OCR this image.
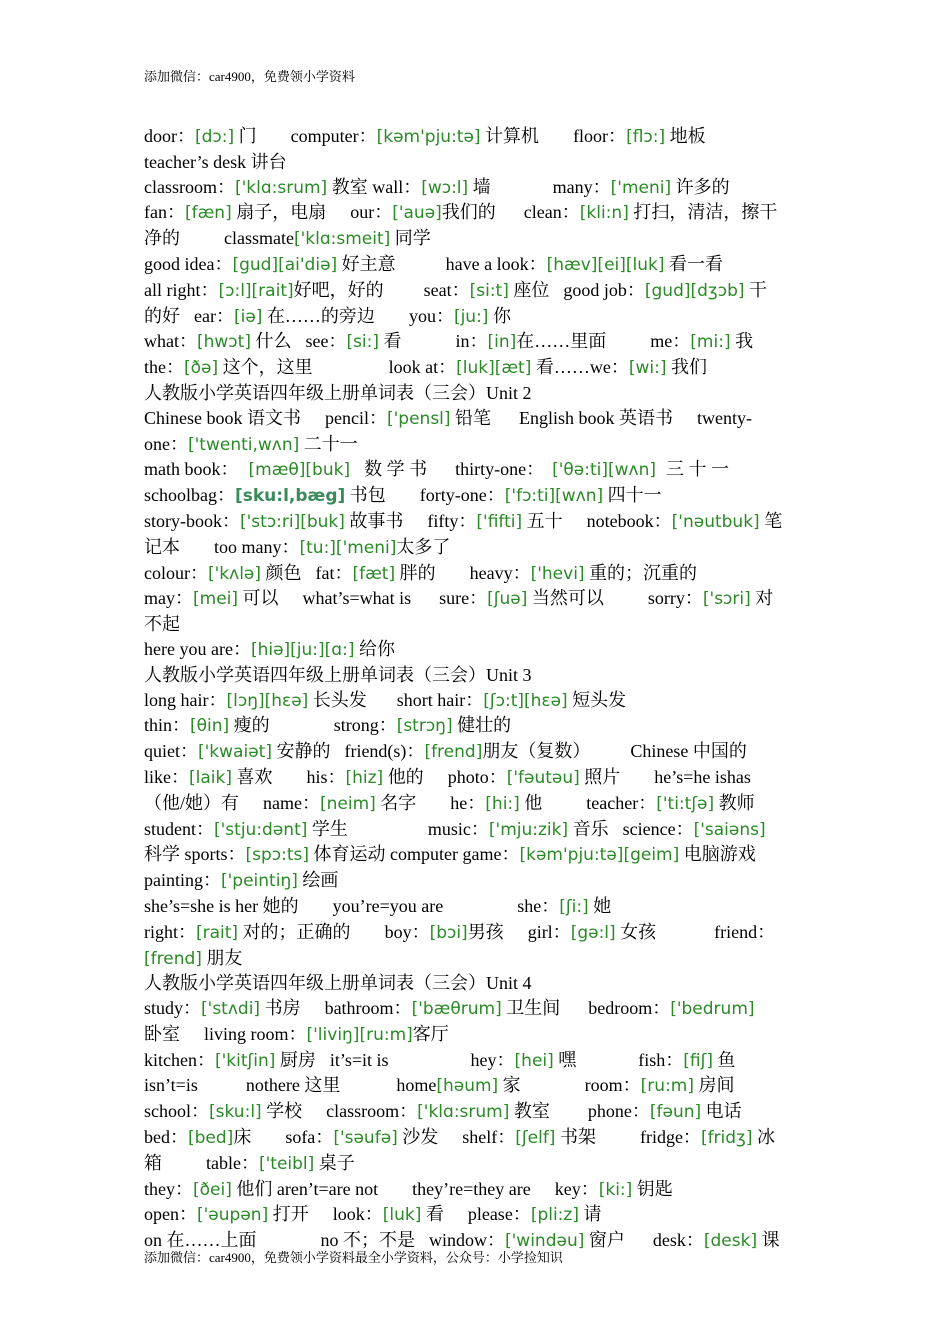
添加微信：car4900，免费领小学资料
door：[dɔ:] 门 computer：[kəm'pju:tə] 计算机 floor：[flɔ:] 地板
teacher’s desk 讲台
classroom：['klɑ:srum] 教室 wall：[wɔ:l] 墙	many：['meni] 许多的
fan：[fæn] 扇子，电扇 our：['auə]我们的 clean：[kli:n] 打扫，清洁，擦干
净的 classmate['klɑ:smeit] 同学
good idea：[gud][ai'diə] 好主意	have a look：[hæv][ei][luk] 看一看
all right：[ɔ:l][rait]好吧，好的 seat：[si:t] 座位 good job：[gud][dʒɔb] 干
的好 ear：[iə] 在……的旁边 you：[ju:] 你
what：[hwɔt] 什么 see：[si:] 看	in：[in]在……里面 me：[mi:] 我
the：[ðə] 这个，这里	look at：[luk][æt] 看……we：[wi:] 我们
人教版小学英语四年级上册单词表（三会）Unit 2
Chinese book 语文书 pencil：['pensl] 铅笔 English book 英语书 twenty-
one：['twenti,wʌn] 二十一
math book： [mæθ][buk] 数 学 书 thirty-one： ['θə:ti][wʌn] 三 十 一
schoolbag：[sku:l,bæg] 书包 forty-one：['fɔ:ti][wʌn] 四十一
story-book：['stɔ:ri][buk] 故事书 fifty：['fifti] 五十 notebook：['nəutbuk] 笔
记本 too many：[tu:]['meni]太多了
colour：['kʌlə] 颜色 fat：[fæt] 胖的 heavy：['hevi] 重的；沉重的
may：[mei] 可以 what’s=what is sure：[ʃuə] 当然可以 sorry：['sɔri] 对
不起
here you are：[hiə][ju:][ɑ:] 给你
人教版小学英语四年级上册单词表（三会）Unit 3
long hair：[lɔŋ][hɛə] 长头发 short hair：[ʃɔ:t][hɛə] 短头发
thin：[θin] 瘦的	strong：[strɔŋ] 健壮的
quiet：['kwaiət] 安静的 friend(s)：[frend]朋友（复数） Chinese 中国的
like：[laik] 喜欢 his：[hiz] 他的 photo：['fəutəu] 照片 he’s=he ishas
（他/她）有 name：[neim] 名字 he：[hi:] 他 teacher：['ti:tʃə] 教师
student：['stju:dənt] 学生	music：['mju:zik] 音乐 science：['saiəns]
科学 sports：[spɔ:ts] 体育运动 computer game：[kəm'pju:tə][geim] 电脑游戏
painting：['peintiŋ] 绘画
she’s=she is her 她的 you’re=you are	she：[ʃi:] 她
right：[rait] 对的；正确的 boy：[bɔi]男孩 girl：[gə:l] 女孩	friend：
[frend] 朋友
人教版小学英语四年级上册单词表（三会）Unit 4
study：['stʌdi] 书房 bathroom：['bæθrum] 卫生间 bedroom：['bedrum]
卧室 living room：['liviŋ][ru:m]客厅
kitchen：['kitʃin] 厨房 it’s=it is	hey：[hei] 嘿	fish：[fiʃ] 鱼
isn’t=is	nothere 这里	home[həum] 家	room：[ru:m] 房间
school：[sku:l] 学校 classroom：['klɑ:srum] 教室 phone：[fəun] 电话
bed：[bed]床 sofa：['səufə] 沙发 shelf：[ʃelf] 书架 fridge：[fridʒ] 冰
箱 table：['teibl] 桌子
they：[ðei] 他们 aren’t=are not they’re=they are key：[ki:] 钥匙
open：['əupən] 打开 look：[luk] 看 please：[pli:z] 请
on 在……上面	no 不；不是 window：['windəu] 窗户 desk：[desk] 课
添加微信：car4900，免费领小学资料最全小学资料，公众号：小学捡知识
